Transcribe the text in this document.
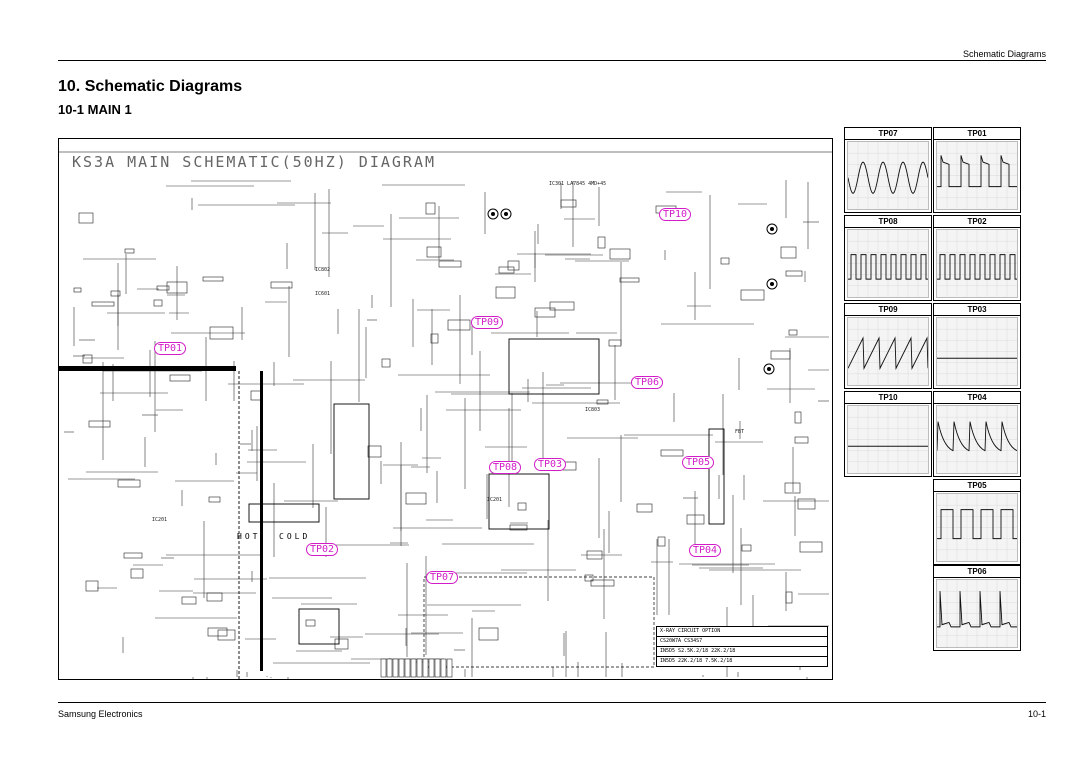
Schematic Diagrams
10. Schematic Diagrams
10-1 MAIN 1
KS3A MAIN SCHEMATIC(50HZ) DIAGRAM
HOT COLD
IC301 LA7845 4MD+45
IC802
IC601
IC803
IC201
IC201
FBT
TP01
TP02
TP03
TP04
TP05
TP06
TP07
TP08
TP09
TP10
X-RAY CIRCUIT OPTION
CS20W7A CS34S7
IN5D5 S2.5K.2/18 22K.2/18
IN5D5 22K.2/18 7.5K.2/18
TP07	TP01
TP08	TP02
TP09	TP03
TP10	TP04
TP05
TP06
Samsung Electronics	10-1
